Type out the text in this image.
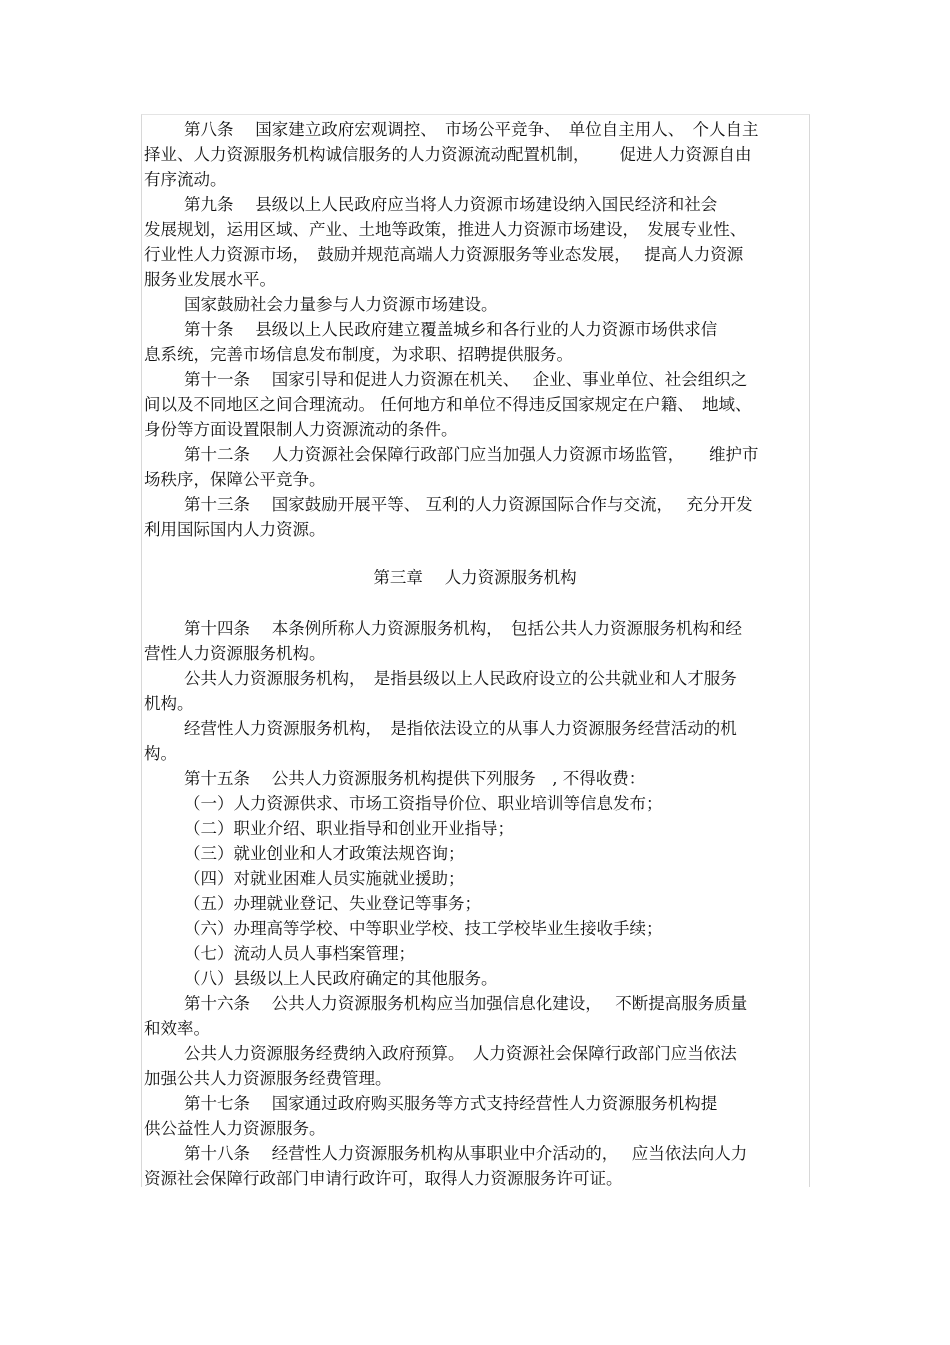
第八条　 国家建立政府宏观调控、　市场公平竞争、　单位自主用人、　个人自主
择业、人力资源服务机构诚信服务的人力资源流动配置机制，　　 促进人力资源自由
有序流动。
第九条　 县级以上人民政府应当将人力资源市场建设纳入国民经济和社会
发展规划，运用区域、产业、土地等政策，推进人力资源市场建设，　发展专业性、
行业性人力资源市场，　鼓励并规范高端人力资源服务等业态发展，　 提高人力资源
服务业发展水平。
国家鼓励社会力量参与人力资源市场建设。
第十条　 县级以上人民政府建立覆盖城乡和各行业的人力资源市场供求信
息系统，完善市场信息发布制度，为求职、招聘提供服务。
第十一条　 国家引导和促进人力资源在机关、　 企业、事业单位、社会组织之
间以及不同地区之间合理流动。 任何地方和单位不得违反国家规定在户籍、　地域、
身份等方面设置限制人力资源流动的条件。
第十二条　 人力资源社会保障行政部门应当加强人力资源市场监管，　　维护市
场秩序，保障公平竞争。
第十三条　 国家鼓励开展平等、 互利的人力资源国际合作与交流，　 充分开发
利用国际国内人力资源。
第三章　 人力资源服务机构
第十四条　 本条例所称人力资源服务机构，　包括公共人力资源服务机构和经
营性人力资源服务机构。
公共人力资源服务机构，　是指县级以上人民政府设立的公共就业和人才服务
机构。
经营性人力资源服务机构，　是指依法设立的从事人力资源服务经营活动的机
构。
第十五条　 公共人力资源服务机构提供下列服务　, 不得收费：
（一）人力资源供求、市场工资指导价位、职业培训等信息发布；
（二）职业介绍、职业指导和创业开业指导；
（三）就业创业和人才政策法规咨询；
（四）对就业困难人员实施就业援助；
（五）办理就业登记、失业登记等事务；
（六）办理高等学校、中等职业学校、技工学校毕业生接收手续；
（七）流动人员人事档案管理；
（八）县级以上人民政府确定的其他服务。
第十六条　 公共人力资源服务机构应当加强信息化建设，　 不断提高服务质量
和效率。
公共人力资源服务经费纳入政府预算。　人力资源社会保障行政部门应当依法
加强公共人力资源服务经费管理。
第十七条　 国家通过政府购买服务等方式支持经营性人力资源服务机构提
供公益性人力资源服务。
第十八条　 经营性人力资源服务机构从事职业中介活动的，　 应当依法向人力
资源社会保障行政部门申请行政许可，取得人力资源服务许可证。
